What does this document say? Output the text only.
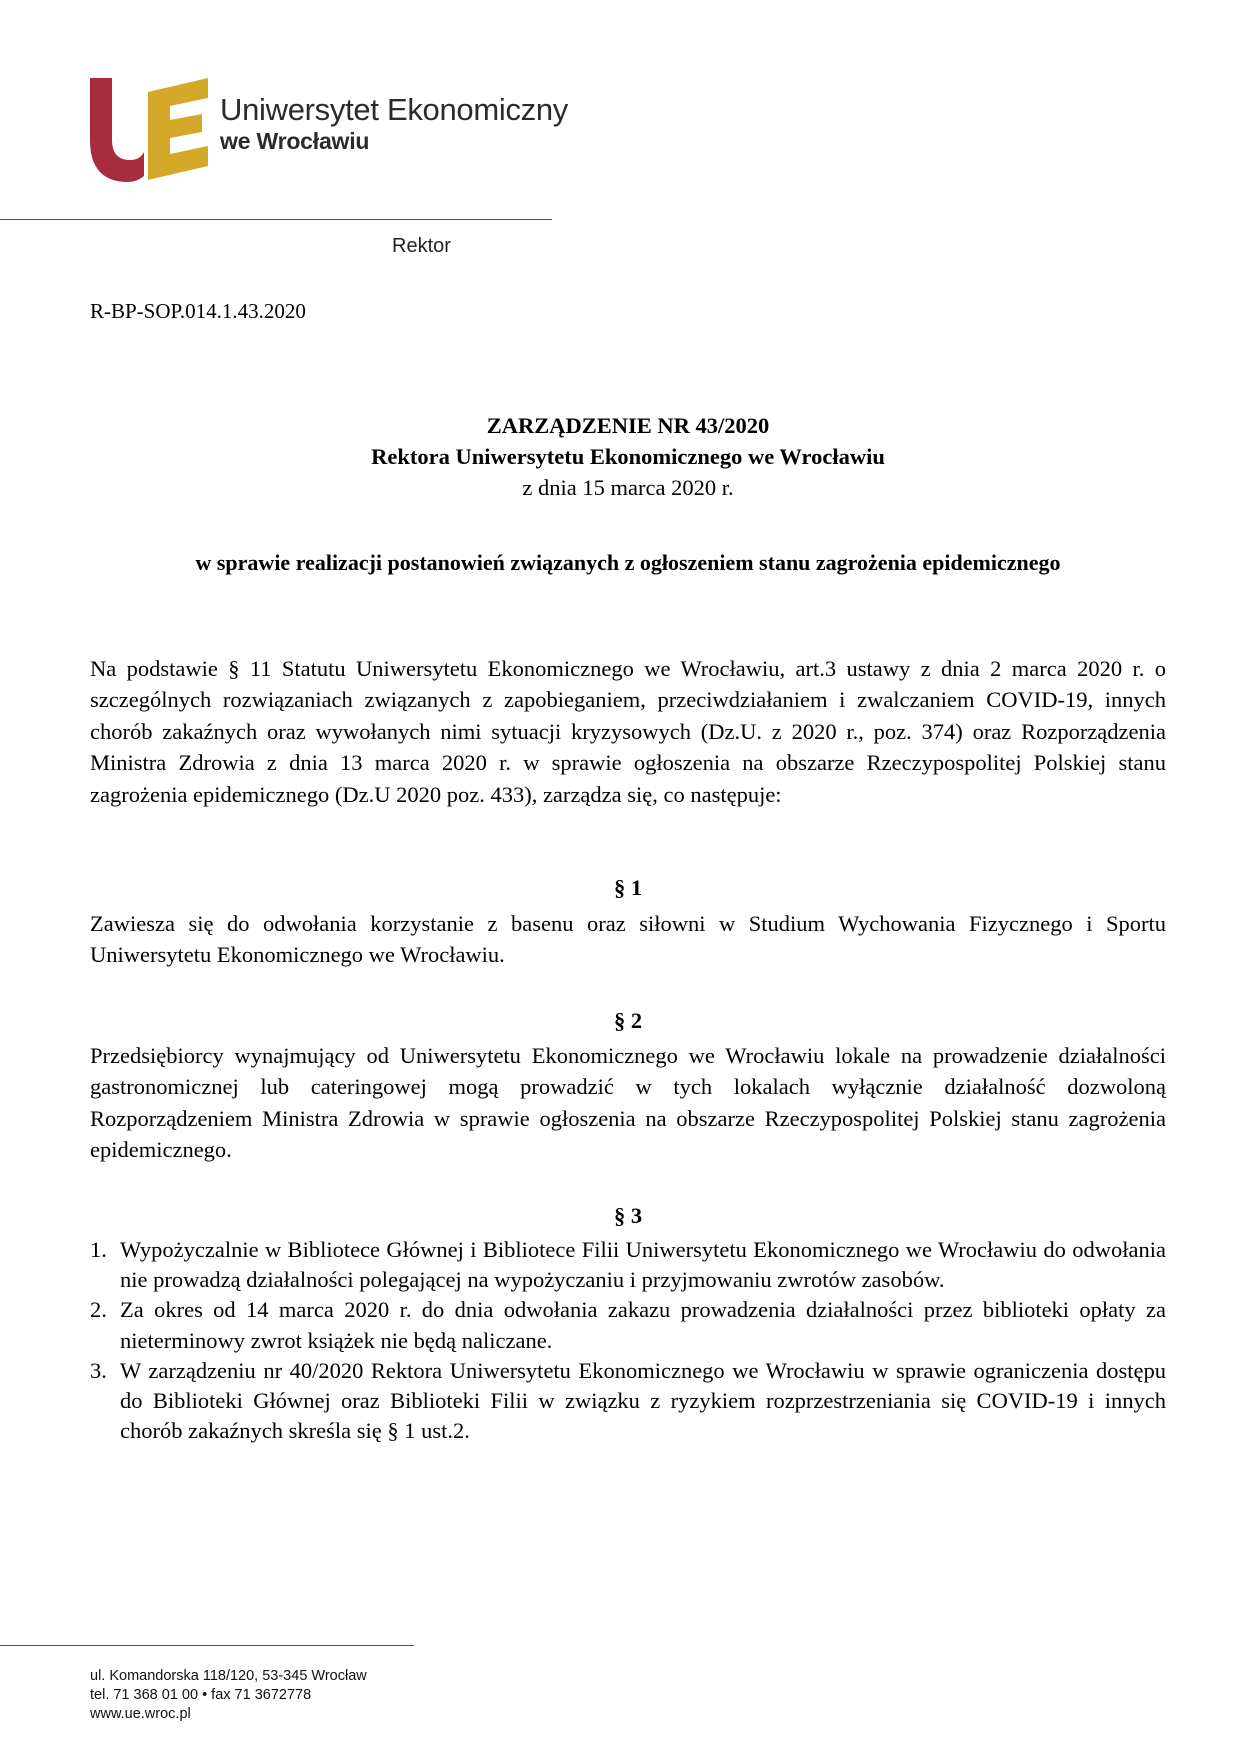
Uniwersytet Ekonomiczny
we Wrocławiu
Rektor
R-BP-SOP.014.1.43.2020
ZARZĄDZENIE NR 43/2020
Rektora Uniwersytetu Ekonomicznego we Wrocławiu
z dnia 15 marca 2020 r.
w sprawie realizacji postanowień związanych z ogłoszeniem stanu zagrożenia epidemicznego

Na podstawie § 11 Statutu Uniwersytetu Ekonomicznego we Wrocławiu, art.3 ustawy z dnia 2 marca 2020 r. o szczególnych rozwiązaniach związanych z zapobieganiem, przeciwdziałaniem i zwalczaniem COVID-19, innych chorób zakaźnych oraz wywołanych nimi sytuacji kryzysowych (Dz.U. z 2020 r., poz. 374) oraz Rozporządzenia Ministra Zdrowia z dnia 13 marca 2020 r. w sprawie ogłoszenia na obszarze Rzeczypospolitej Polskiej stanu zagrożenia epidemicznego (Dz.U 2020 poz. 433), zarządza się, co następuje:

§ 1

Zawiesza się do odwołania korzystanie z basenu oraz siłowni w Studium Wychowania Fizycznego i Sportu Uniwersytetu Ekonomicznego we Wrocławiu.

§ 2

Przedsiębiorcy wynajmujący od Uniwersytetu Ekonomicznego we Wrocławiu lokale na prowadzenie działalności gastronomicznej lub cateringowej mogą prowadzić w tych lokalach wyłącznie działalność dozwoloną Rozporządzeniem Ministra Zdrowia w sprawie ogłoszenia na obszarze Rzeczypospolitej Polskiej stanu zagrożenia epidemicznego.

§ 3
1. Wypożyczalnie w Bibliotece Głównej i Bibliotece Filii Uniwersytetu Ekonomicznego we Wrocławiu do odwołania nie prowadzą działalności polegającej na wypożyczaniu i przyjmowaniu zwrotów zasobów.
2. Za okres od 14 marca 2020 r. do dnia odwołania zakazu prowadzenia działalności przez biblioteki opłaty za nieterminowy zwrot książek nie będą naliczane.
3. W zarządzeniu nr 40/2020 Rektora Uniwersytetu Ekonomicznego we Wrocławiu w sprawie ograniczenia dostępu do Biblioteki Głównej oraz Biblioteki Filii w związku z ryzykiem rozprzestrzeniania się COVID-19 i innych chorób zakaźnych skreśla się § 1 ust.2.
ul. Komandorska 118/120, 53-345 Wrocław
tel. 71 368 01 00 • fax 71 3672778
www.ue.wroc.pl
